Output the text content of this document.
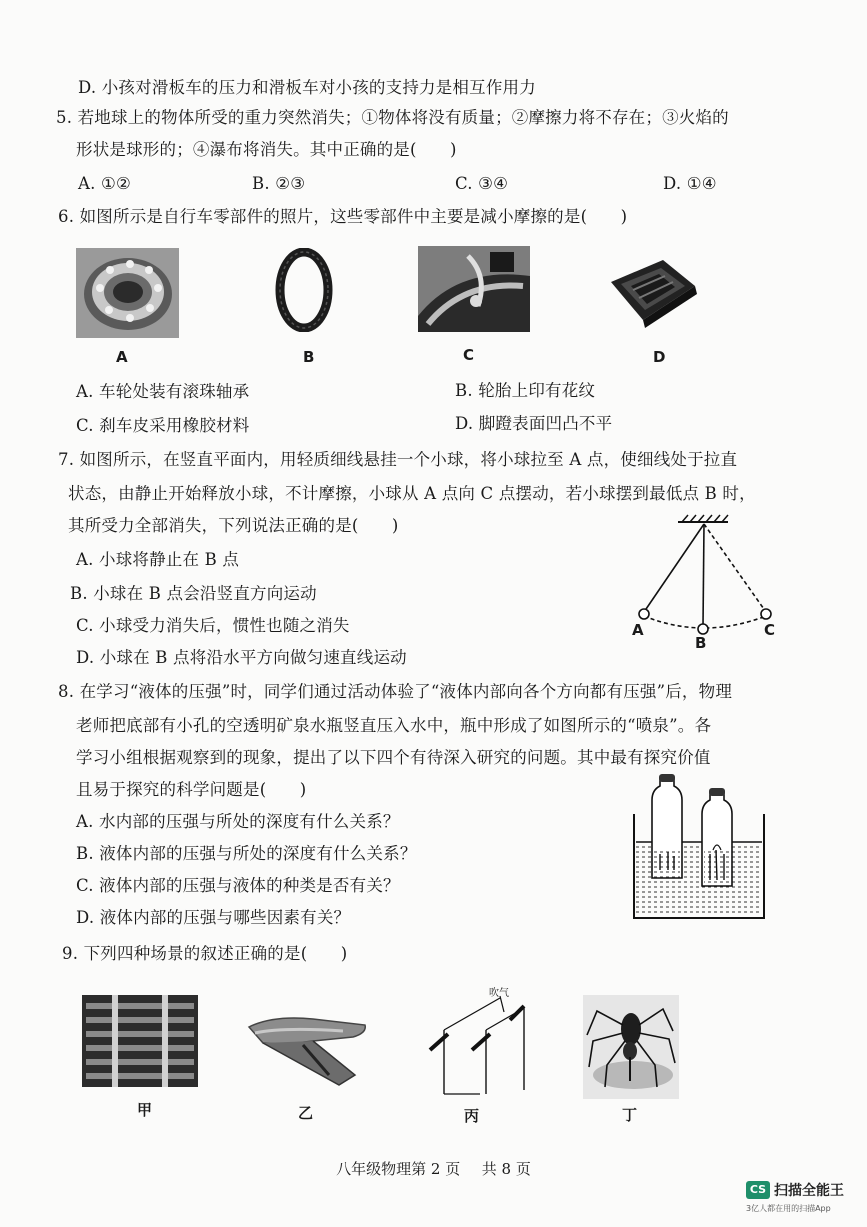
D. 小孩对滑板车的压力和滑板车对小孩的支持力是相互作用力
5. 若地球上的物体所受的重力突然消失；①物体将没有质量；②摩擦力将不存在；③火焰的
形状是球形的；④瀑布将消失。其中正确的是(　　)
A. ①②	B. ②③	C. ③④	D. ①④
6. 如图所示是自行车零部件的照片，这些零部件中主要是减小摩擦的是(　　)
A	B	C	D
A. 车轮处装有滚珠轴承	B. 轮胎上印有花纹
C. 刹车皮采用橡胶材料	D. 脚蹬表面凹凸不平
7. 如图所示，在竖直平面内，用轻质细线悬挂一个小球，将小球拉至 A 点，使细线处于拉直
状态，由静止开始释放小球，不计摩擦，小球从 A 点向 C 点摆动，若小球摆到最低点 B 时，
其所受力全部消失，下列说法正确的是(　　)
A. 小球将静止在 B 点
B. 小球在 B 点会沿竖直方向运动
C. 小球受力消失后，惯性也随之消失
D. 小球在 B 点将沿水平方向做匀速直线运动
A
B
C
8. 在学习“液体的压强”时，同学们通过活动体验了“液体内部向各个方向都有压强”后，物理
老师把底部有小孔的空透明矿泉水瓶竖直压入水中，瓶中形成了如图所示的“喷泉”。各
学习小组根据观察到的现象，提出了以下四个有待深入研究的问题。其中最有探究价值
且易于探究的科学问题是(　　)
A. 水内部的压强与所处的深度有什么关系？
B. 液体内部的压强与所处的深度有什么关系？
C. 液体内部的压强与液体的种类是否有关？
D. 液体内部的压强与哪些因素有关？
9. 下列四种场景的叙述正确的是(　　)
吹气
甲	乙	丙	丁
八年级物理第 2 页 共 8 页
CS 扫描全能王
3亿人都在用的扫描App
